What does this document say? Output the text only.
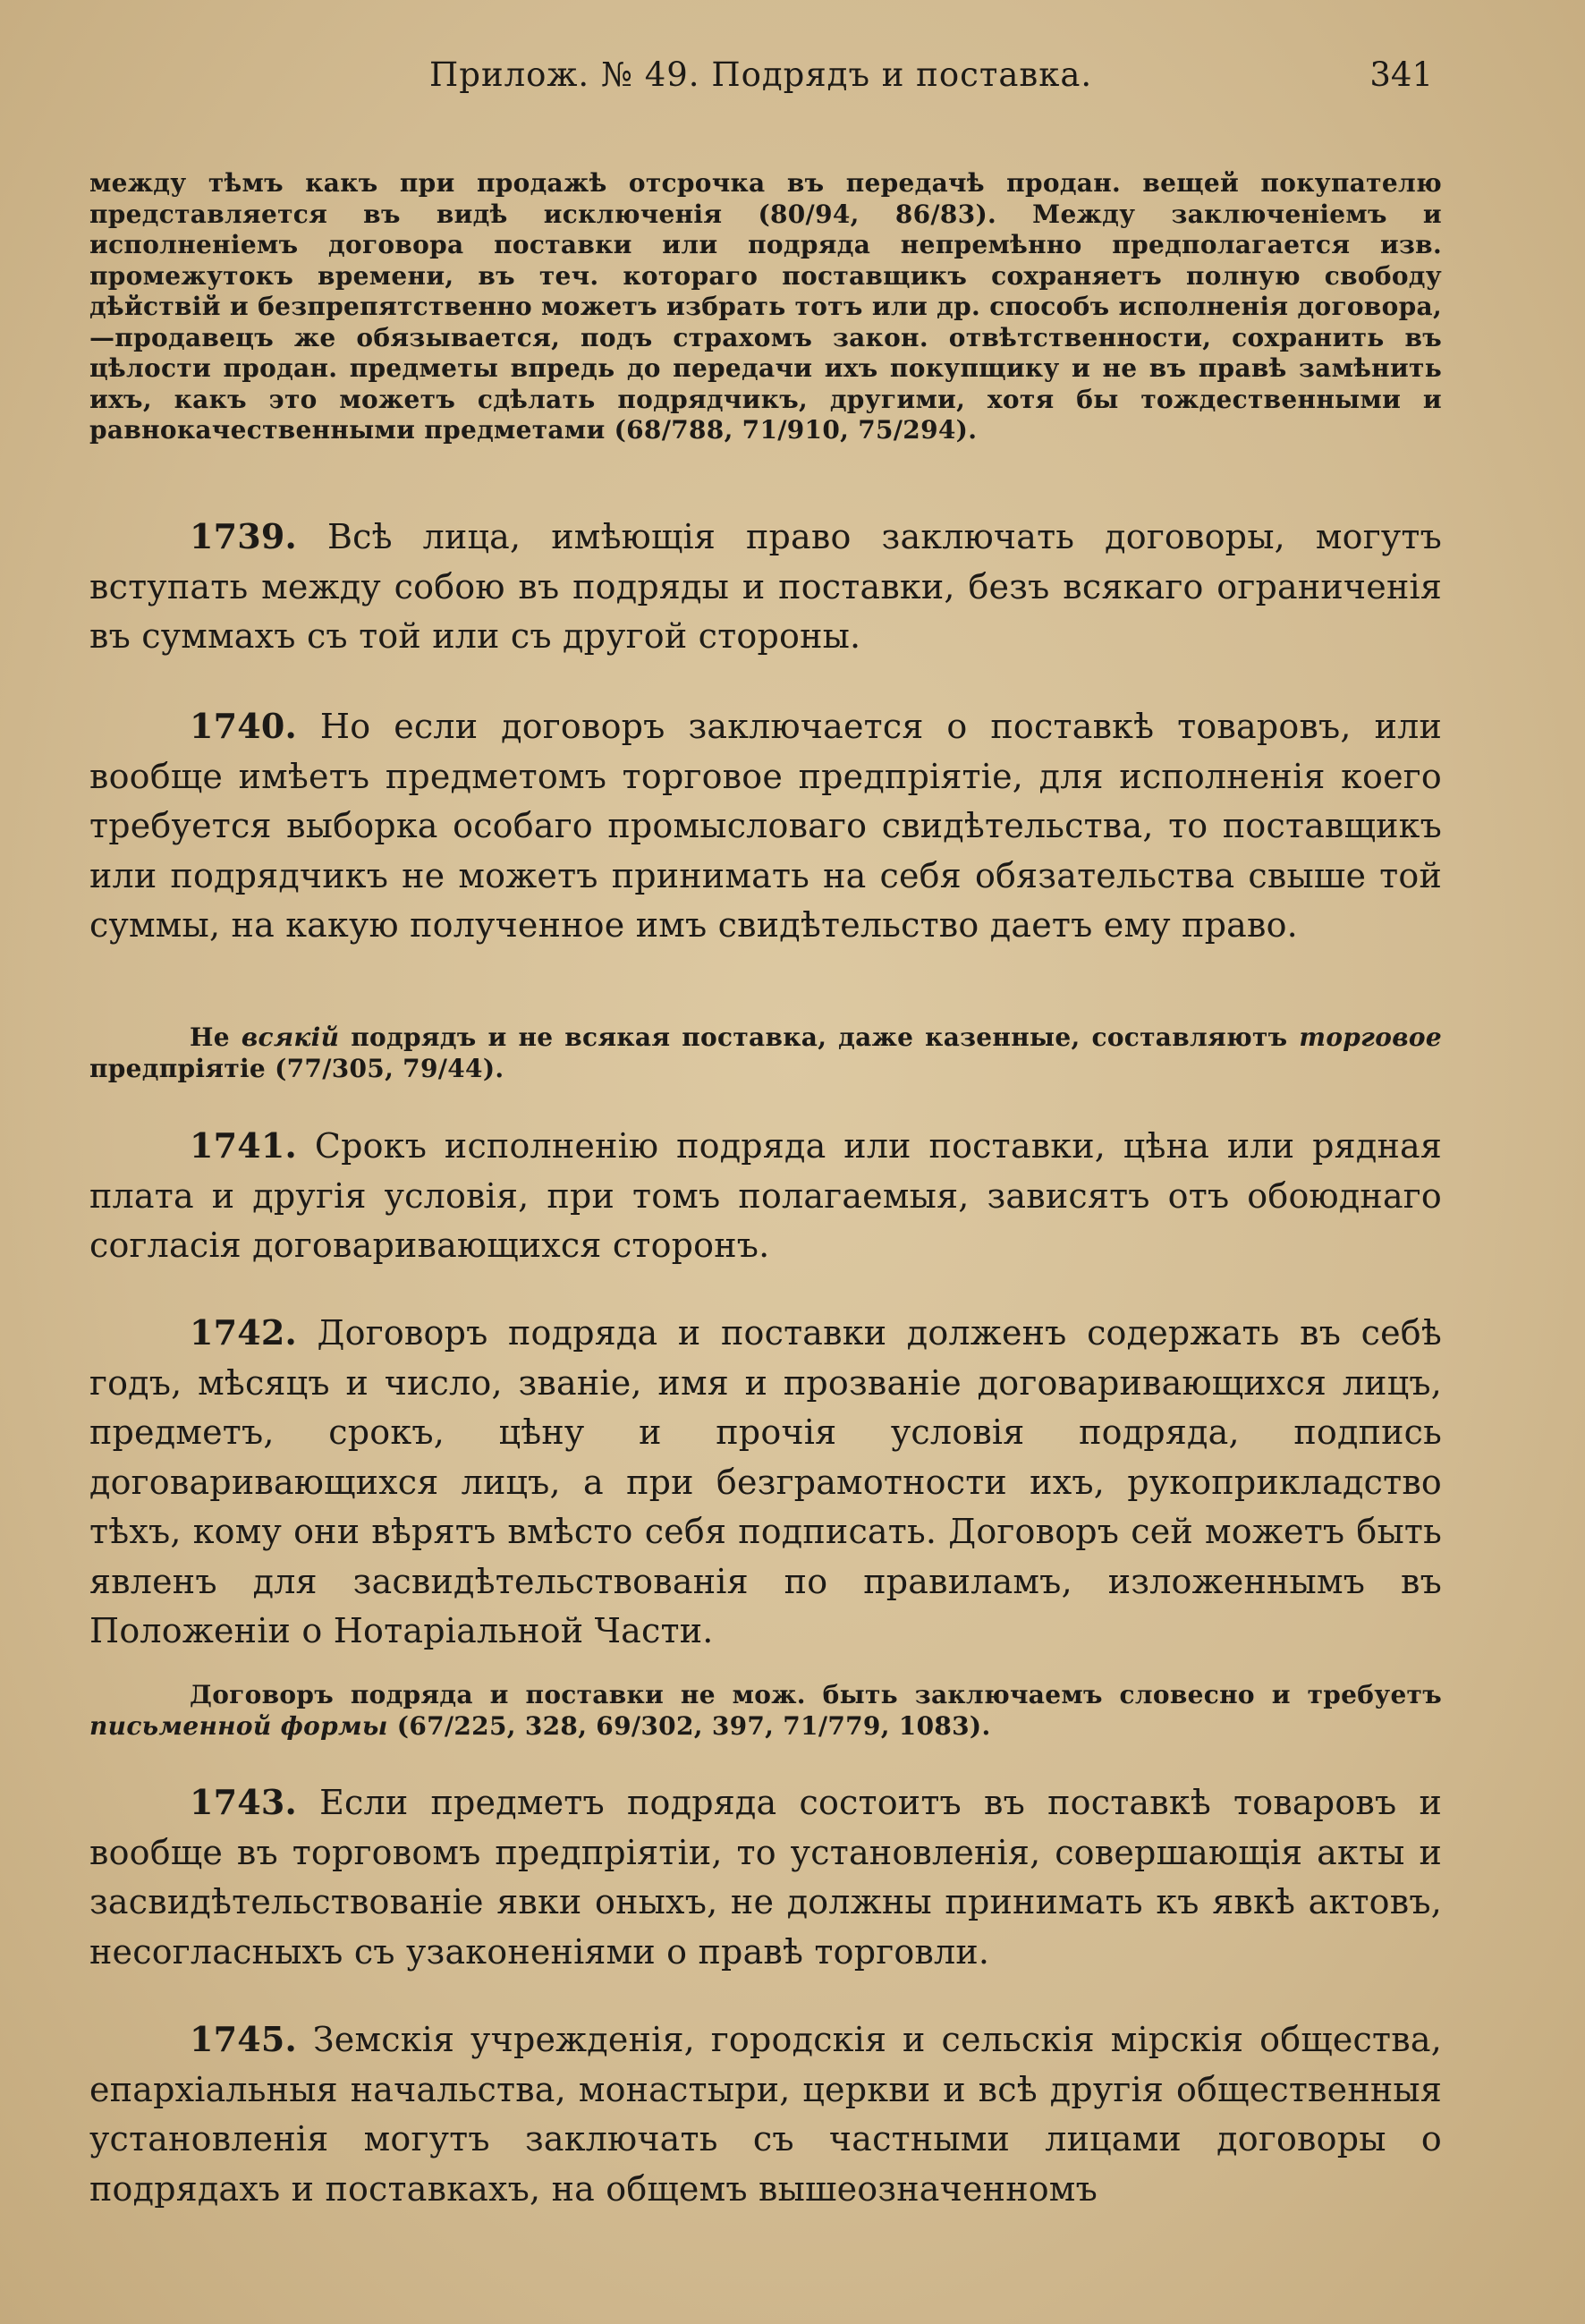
Прилож. № 49. Подрядъ и поставка.	341

между тѣмъ какъ при продажѣ отсрочка въ передачѣ продан. вещей покупателю представляется въ видѣ исключенія (80/94, 86/83). Между заключеніемъ и исполненіемъ договора поставки или подряда непремѣнно предполагается изв. промежутокъ времени, въ теч. котораго поставщикъ сохраняетъ полную свободу дѣйствій и безпрепятственно можетъ избрать тотъ или др. способъ исполненія договора,—продавецъ же обязывается, подъ страхомъ закон. отвѣтственности, сохранить въ цѣлости продан. предметы впредь до передачи ихъ покупщику и не въ правѣ замѣнить ихъ, какъ это можетъ сдѣлать подрядчикъ, другими, хотя бы тождественными и равнокачественными предметами (68/788, 71/910, 75/294).

1739. Всѣ лица, имѣющія право заключать договоры, могутъ вступать между собою въ подряды и поставки, безъ всякаго ограниченія въ суммахъ съ той или съ другой стороны.

1740. Но если договоръ заключается о поставкѣ товаровъ, или вообще имѣетъ предметомъ торговое предпріятіе, для исполненія коего требуется выборка особаго промысловаго свидѣтельства, то поставщикъ или подрядчикъ не можетъ принимать на себя обязательства свыше той суммы, на какую полученное имъ свидѣтельство даетъ ему право.

Не всякій подрядъ и не всякая поставка, даже казенные, составляютъ торговое предпріятіе (77/305, 79/44).

1741. Срокъ исполненію подряда или поставки, цѣна или рядная плата и другія условія, при томъ полагаемыя, зависятъ отъ обоюднаго согласія договаривающихся сторонъ.

1742. Договоръ подряда и поставки долженъ содержать въ себѣ годъ, мѣсяцъ и число, званіе, имя и прозваніе договаривающихся лицъ, предметъ, срокъ, цѣну и прочія условія подряда, подпись договаривающихся лицъ, а при безграмотности ихъ, рукоприкладство тѣхъ, кому они вѣрятъ вмѣсто себя подписать. Договоръ сей можетъ быть явленъ для засвидѣтельствованія по правиламъ, изложеннымъ въ Положеніи о Нотаріальной Части.

Договоръ подряда и поставки не мож. быть заключаемъ словесно и требуетъ письменной формы (67/225, 328, 69/302, 397, 71/779, 1083).

1743. Если предметъ подряда состоитъ въ поставкѣ товаровъ и вообще въ торговомъ предпріятіи, то установленія, совершающія акты и засвидѣтельствованіе явки оныхъ, не должны принимать къ явкѣ актовъ, несогласныхъ съ узаконеніями о правѣ торговли.

1745. Земскія учрежденія, городскія и сельскія мірскія общества, епархіальныя начальства, монастыри, церкви и всѣ другія общественныя установленія могутъ заключать съ частными лицами договоры о подрядахъ и поставкахъ, на общемъ вышеозначенномъ
